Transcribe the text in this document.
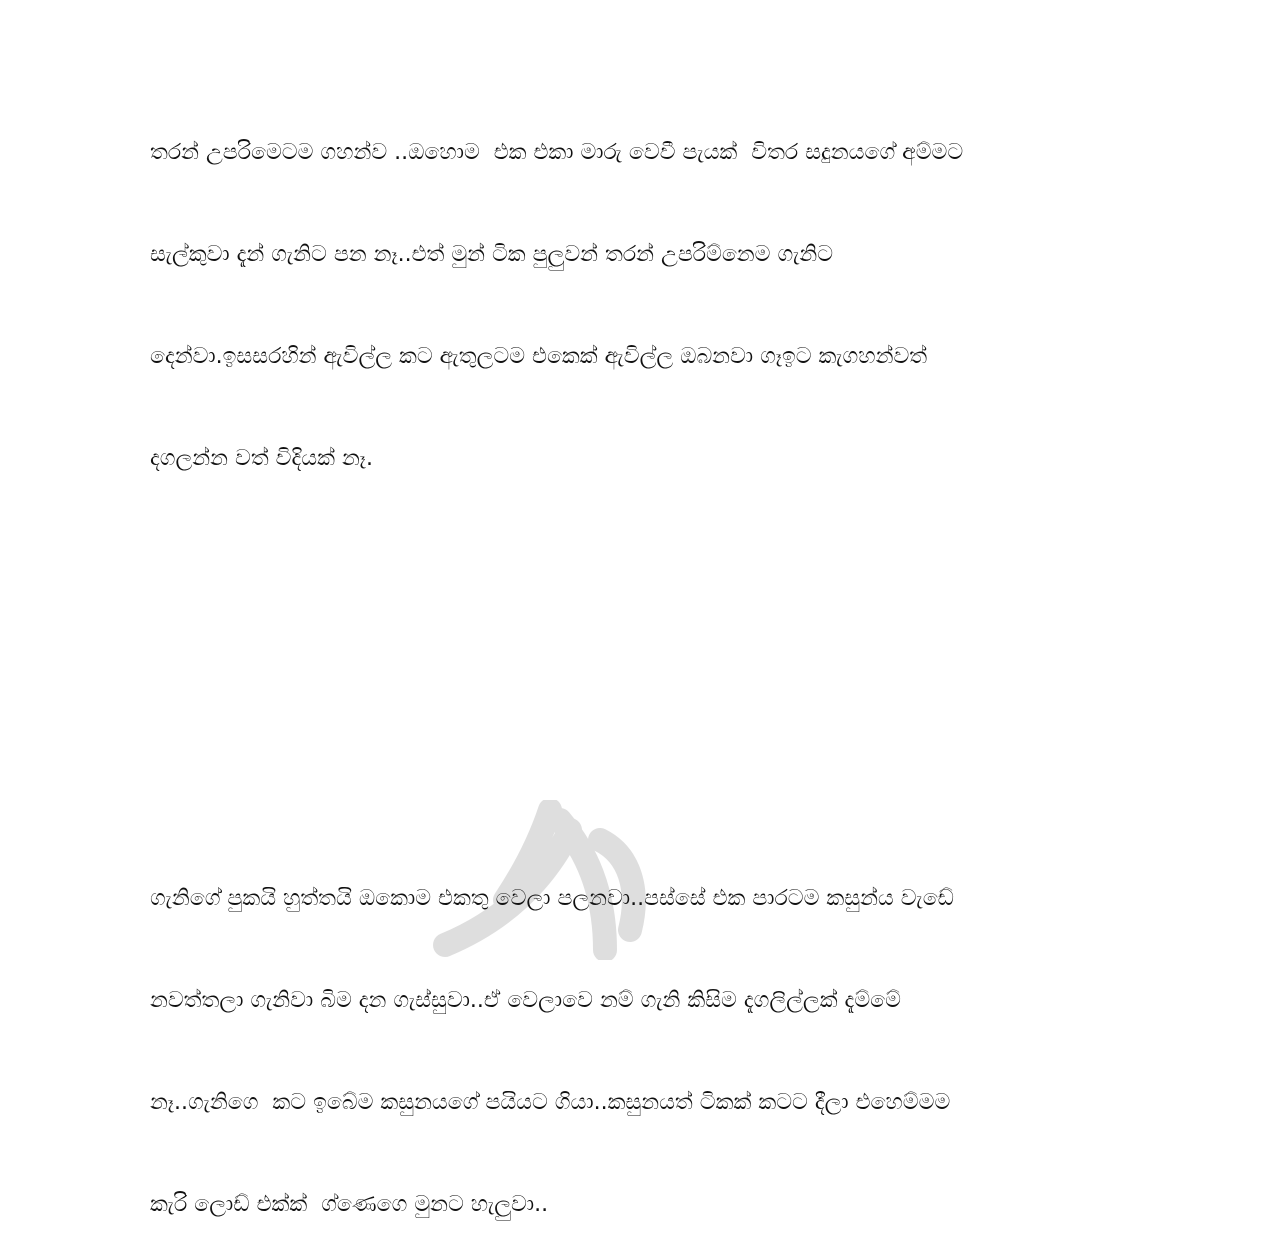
තරන් උපරිමෙටම ගහන්ව ..ඔහොම  එක එකා මාරු වෙවී පැයක්  විතර සදුනයගේ අම්මට

සැල්කුවා දැන් ගැනිට පන නෑ..එත් මුන් ටික පුලුවන් තරන් උපරිම්නෙම ගැනිට

දෙන්වා.ඉසසරහින් ඇවිල්ල කට ඇතුලටම එකෙක් ඇවිල්ල ඔබනවා ගෑඉට කැගහන්වත්

දගලන්න වත් විදියක් නෑ.

ගැනිගේ පුකයි හුත්තයි ඔකොම එකතු වෙලා පලනවා..පස්සේ එක පාරටම කසුන්ය වැඩේ

නවත්තලා ගැනිවා බිම දන ගැස්සුවා..ඒ වෙලාවෙ නම් ගැනි කිසිම දැගලිල්ලක් දැම්මේ

නෑ..ගැනිගෙ  කට ඉබේම කසුනයගේ පයියට ගියා..කසුනයත් ටිකක් කටට දීලා එහෙම්මම

කැරි ලොඩ් එක්ක්  ග්ණෙගෙ මුනට හැලුවා..
